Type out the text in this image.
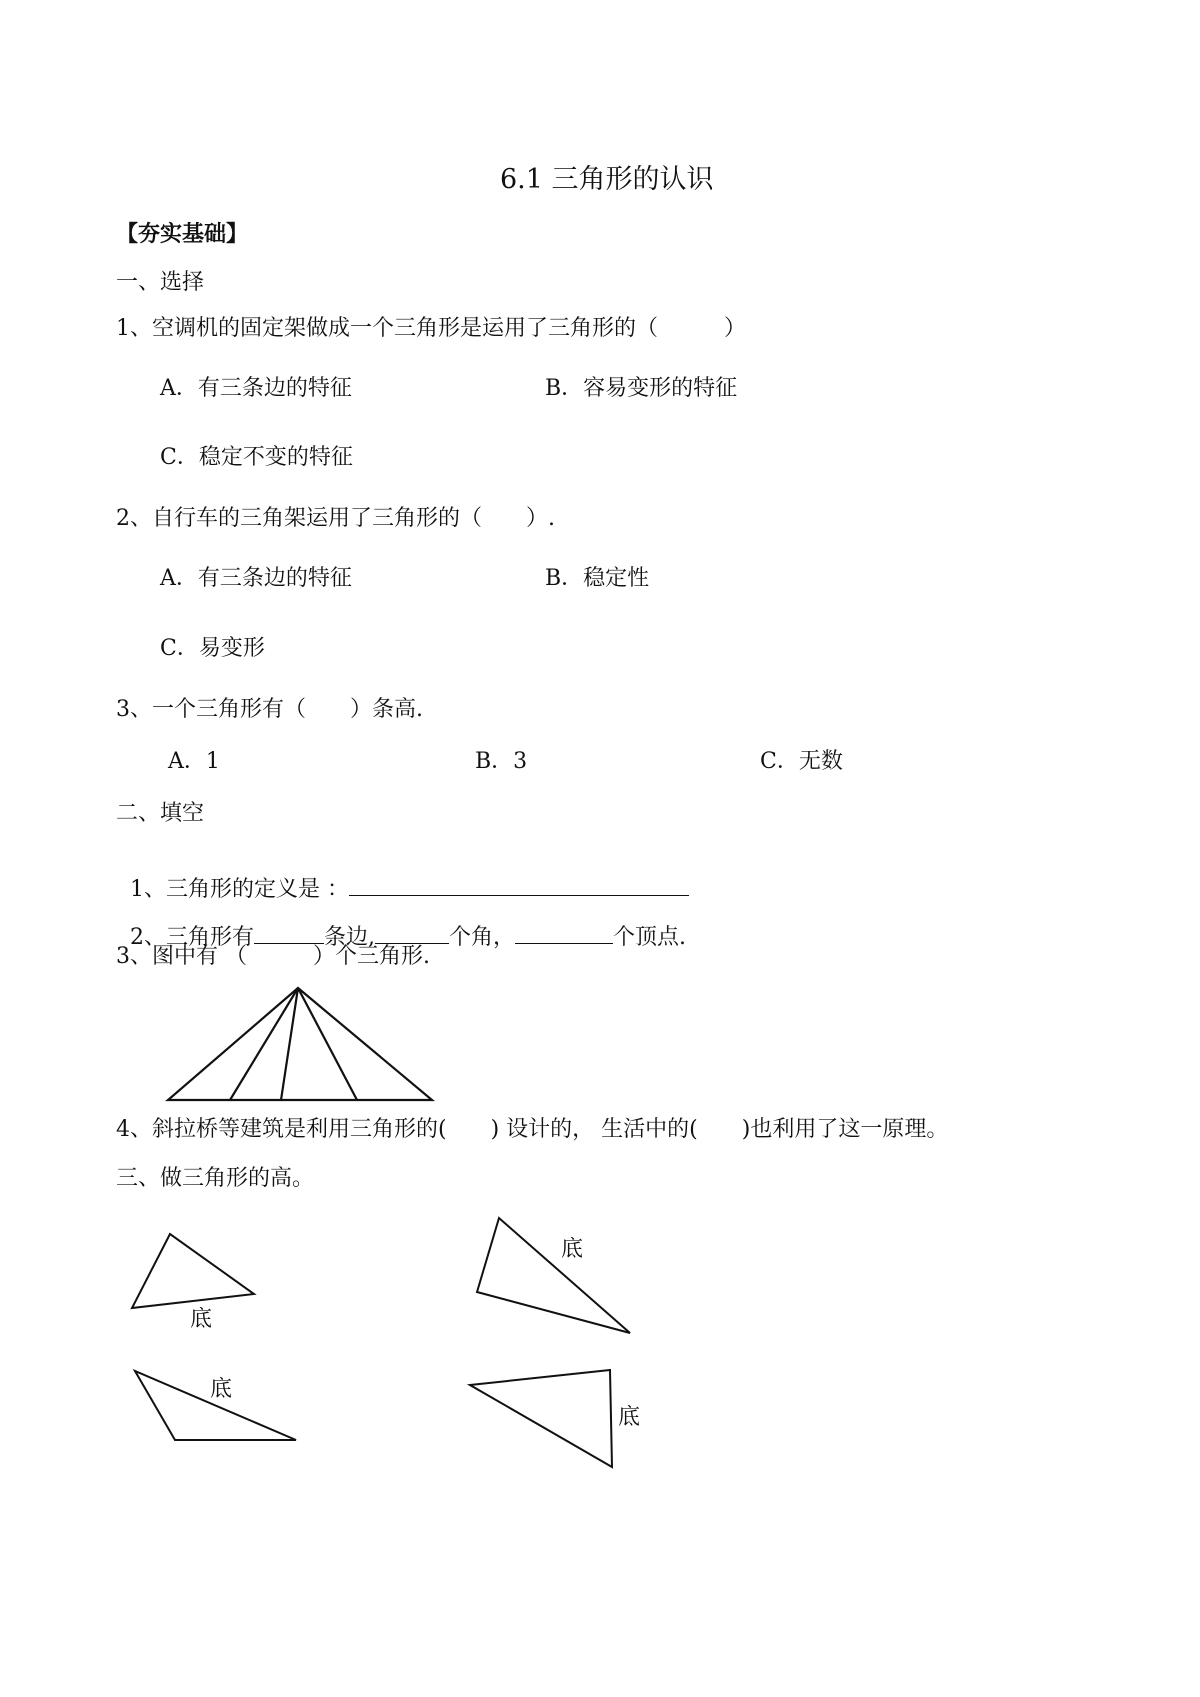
6.1 三角形的认识
【夯实基础】
一、选择
1、空调机的固定架做成一个三角形是运用了三角形的（　　　）
A．有三条边的特征	B．容易变形的特征
C．稳定不变的特征
2、自行车的三角架运用了三角形的（　　）.
A．有三条边的特征	B．稳定性
C．易变形
3、一个三角形有（　　）条高.
A．1	B．3	C．无数
二、填空

1、三角形的定义是 ：

2、三角形有	条边,	个角，	个顶点.

3、图中有 （　　　）个三角形.
4、斜拉桥等建筑是利用三角形的(　　) 设计的， 生活中的(　　)也利用了这一原理。
三、做三角形的高。
底
底
底
底
